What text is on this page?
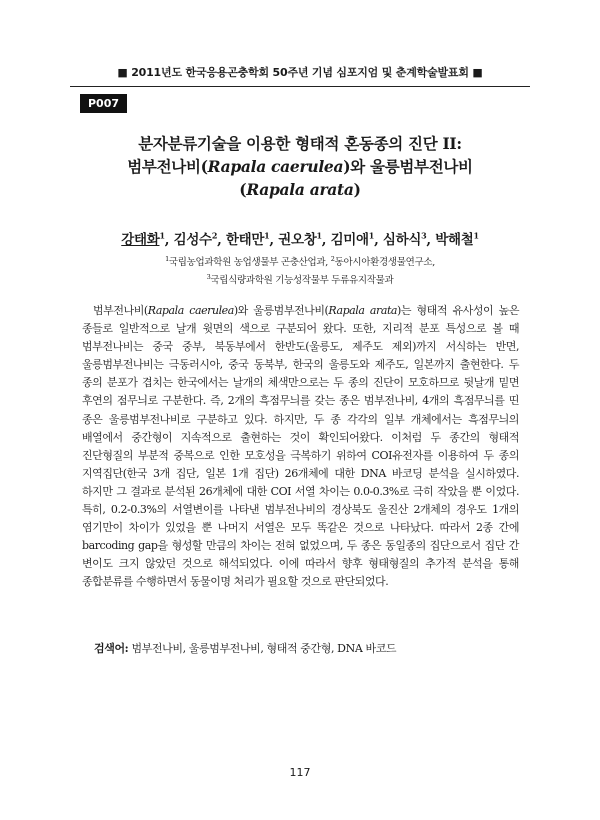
■ 2011년도 한국응용곤충학회 50주년 기념 심포지엄 및 춘계학술발표회 ■
P007
분자분류기술을 이용한 형태적 혼동종의 진단 II:
범부전나비(Rapala caerulea)와 울릉범부전나비
(Rapala arata)
강태화$^1$, 김성수$^2$, 한태만$^1$, 권오창$^1$, 김미애$^1$, 심하식$^3$, 박해철$^1$
$^1$국립농업과학원 농업생물부 곤충산업과, $^2$동아시아환경생물연구소,
$^3$국립식량과학원 기능성작물부 두류유지작물과
범부전나비(Rapala caerulea)와 울릉범부전나비(Rapala arata)는 형태적 유사성이 높은 종들로 일반적으로 날개 윗면의 색으로 구분되어 왔다. 또한, 지리적 분포 특성으로 볼 때 범부전나비는 중국 중부, 북동부에서 한반도(울릉도, 제주도 제외)까지 서식하는 반면, 울릉범부전나비는 극동러시아, 중국 동북부, 한국의 울릉도와 제주도, 일본까지 출현한다. 두 종의 분포가 겹치는 한국에서는 날개의 체색만으로는 두 종의 진단이 모호하므로 뒷날개 밑면 후연의 점무늬로 구분한다. 즉, 2개의 흑점무늬를 갖는 종은 범부전나비, 4개의 흑점무늬를 띤 종은 울릉범부전나비로 구분하고 있다. 하지만, 두 종 각각의 일부 개체에서는 흑점무늬의 배열에서 중간형이 지속적으로 출현하는 것이 확인되어왔다. 이처럼 두 종간의 형태적 진단형질의 부분적 중복으로 인한 모호성을 극복하기 위하여 COI유전자를 이용하여 두 종의 지역집단(한국 3개 집단, 일본 1개 집단) 26개체에 대한 DNA 바코딩 분석을 실시하였다. 하지만 그 결과로 분석된 26개체에 대한 COI 서열 차이는 0.0-0.3%로 극히 작았을 뿐 이었다. 특히, 0.2-0.3%의 서열변이를 나타낸 범부전나비의 경상북도 울진산 2개체의 경우도 1개의 염기만이 차이가 있었을 뿐 나머지 서열은 모두 똑같은 것으로 나타났다. 따라서 2종 간에 barcoding gap을 형성할 만큼의 차이는 전혀 없었으며, 두 종은 동일종의 집단으로서 집단 간 변이도 크지 않았던 것으로 해석되었다. 이에 따라서 향후 형태형질의 추가적 분석을 통해 종합분류를 수행하면서 동물이명 처리가 필요할 것으로 판단되었다.
검색어: 범부전나비, 울릉범부전나비, 형태적 중간형, DNA 바코드
117
